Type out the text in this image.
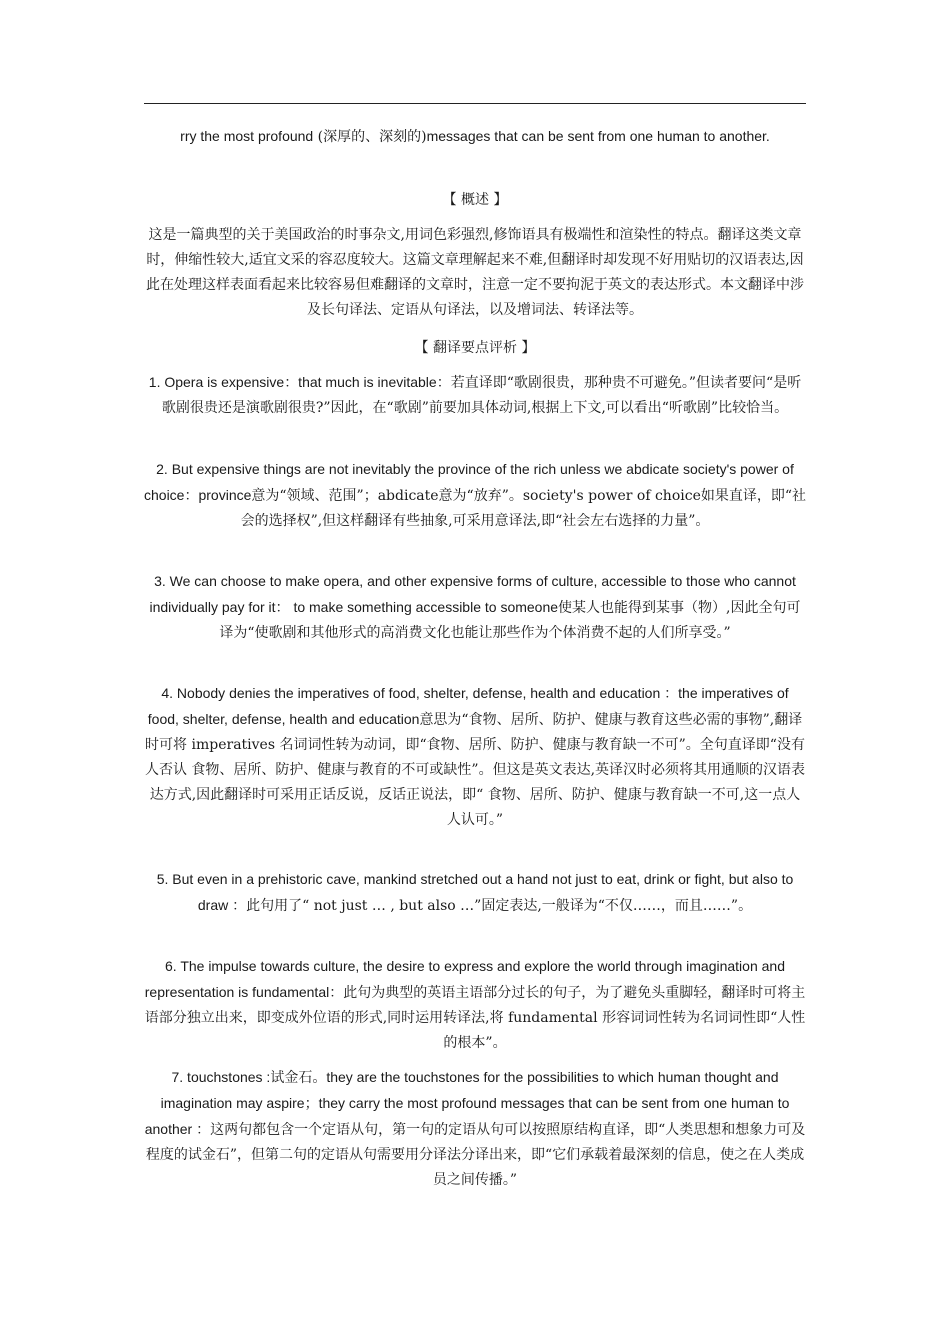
rry the most profound (深厚的、深刻的)messages that can be sent from one human to another.
【 概述 】
这是一篇典型的关于美国政治的时事杂文,用词色彩强烈,修饰语具有极端性和渲染性的特点。翻译这类文章时，伸缩性较大,适宜文采的容忍度较大。这篇文章理解起来不难,但翻译时却发现不好用贴切的汉语表达,因此在处理这样表面看起来比较容易但难翻译的文章时，注意一定不要拘泥于英文的表达形式。本文翻译中涉及长句译法、定语从句译法，以及增词法、转译法等。
【 翻译要点评析 】
1. Opera is expensive：that much is inevitable：若直译即“歌剧很贵，那种贵不可避免。”但读者要问“是听歌剧很贵还是演歌剧很贵?”因此，在“歌剧”前要加具体动词,根据上下文,可以看出“听歌剧”比较恰当。
2. But expensive things are not inevitably the province of the rich unless we abdicate society's power of choice：province意为“领域、范围”；abdicate意为“放弃”。society's power of choice如果直译，即“社会的选择权”,但这样翻译有些抽象,可采用意译法,即“社会左右选择的力量”。
3. We can choose to make opera, and other expensive forms of culture, accessible to those who cannot individually pay for it： to make something accessible to someone使某人也能得到某事（物）,因此全句可译为“使歌剧和其他形式的高消费文化也能让那些作为个体消费不起的人们所享受。”
4. Nobody denies the imperatives of food, shelter, defense, health and education ：the imperatives of food, shelter, defense, health and education意思为“食物、居所、防护、健康与教育这些必需的事物”,翻译时可将 imperatives 名词词性转为动词，即“食物、居所、防护、健康与教育缺一不可”。全句直译即“没有人否认 食物、居所、防护、健康与教育的不可或缺性”。但这是英文表达,英译汉时必须将其用通顺的汉语表达方式,因此翻译时可采用正话反说，反话正说法，即“ 食物、居所、防护、健康与教育缺一不可,这一点人人认可。”
5. But even in a prehistoric cave, mankind stretched out a hand not just to eat, drink or fight, but also to draw ：此句用了“ not just … , but also …”固定表达,一般译为“不仅……，而且……”。
6. The impulse towards culture, the desire to express and explore the world through imagination and representation is fundamental：此句为典型的英语主语部分过长的句子，为了避免头重脚轻，翻译时可将主语部分独立出来，即变成外位语的形式,同时运用转译法,将 fundamental 形容词词性转为名词词性即“人性的根本”。
7. touchstones :试金石。they are the touchstones for the possibilities to which human thought and imagination may aspire；they carry the most profound messages that can be sent from one human to another ：这两句都包含一个定语从句，第一句的定语从句可以按照原结构直译，即“人类思想和想象力可及程度的试金石”，但第二句的定语从句需要用分译法分译出来，即“它们承载着最深刻的信息，使之在人类成员之间传播。”
